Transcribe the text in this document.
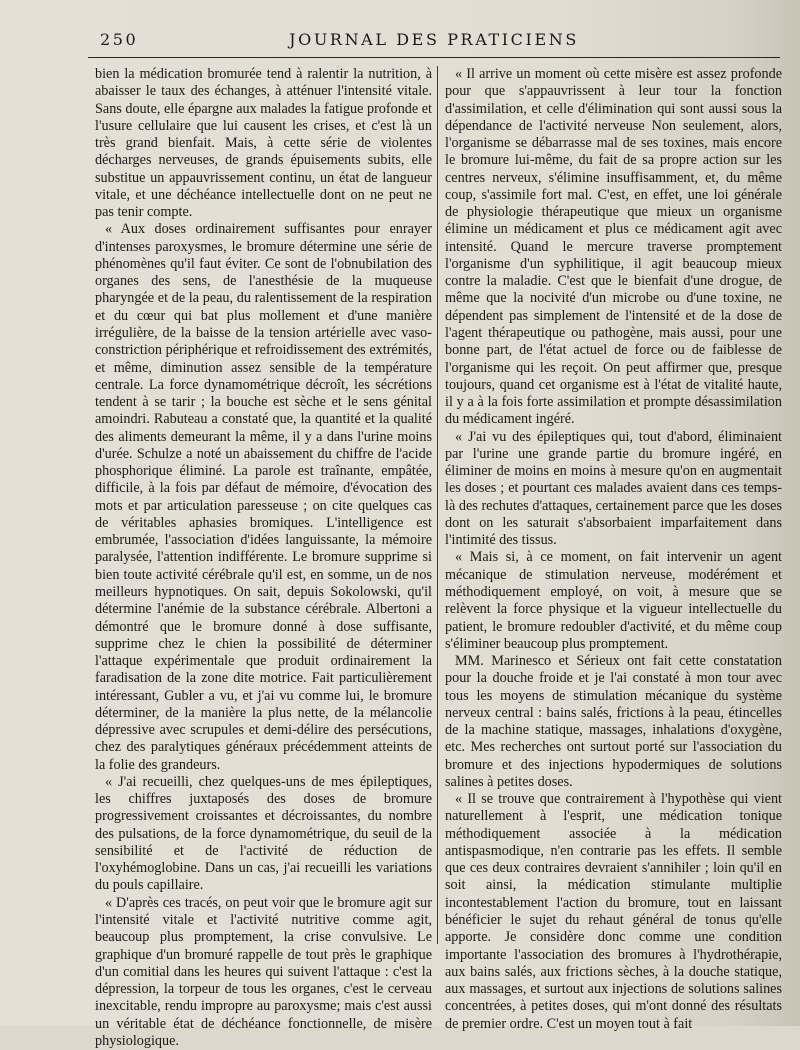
250	JOURNAL DES PRATICIENS

bien la médication bromurée tend à ralentir la nutrition, à abaisser le taux des échanges, à atténuer l'intensité vitale. Sans doute, elle épargne aux malades la fatigue profonde et l'usure cellulaire que lui causent les crises, et c'est là un très grand bienfait. Mais, à cette série de violentes décharges nerveuses, de grands épuisements subits, elle substitue un appauvrissement continu, un état de langueur vitale, et une déchéance intellectuelle dont on ne peut ne pas tenir compte.

« Aux doses ordinairement suffisantes pour enrayer d'intenses paroxysmes, le bromure détermine une série de phénomènes qu'il faut éviter. Ce sont de l'obnubilation des organes des sens, de l'anesthésie de la muqueuse pharyngée et de la peau, du ralentissement de la respiration et du cœur qui bat plus mollement et d'une manière irrégulière, de la baisse de la tension artérielle avec vaso-constriction périphérique et refroidissement des extrémités, et même, diminution assez sensible de la température centrale. La force dynamométrique décroît, les sécrétions tendent à se tarir ; la bouche est sèche et le sens génital amoindri. Rabuteau a constaté que, la quantité et la qualité des aliments demeurant la même, il y a dans l'urine moins d'urée. Schulze a noté un abaissement du chiffre de l'acide phosphorique éliminé. La parole est traînante, empâtée, difficile, à la fois par défaut de mémoire, d'évocation des mots et par articulation paresseuse ; on cite quelques cas de véritables aphasies bromiques. L'intelligence est embrumée, l'association d'idées languissante, la mémoire paralysée, l'attention indifférente. Le bromure supprime si bien toute activité cérébrale qu'il est, en somme, un de nos meilleurs hypnotiques. On sait, depuis Sokolowski, qu'il détermine l'anémie de la substance cérébrale. Albertoni a démontré que le bromure donné à dose suffisante, supprime chez le chien la possibilité de déterminer l'attaque expérimentale que produit ordinairement la faradisation de la zone dite motrice. Fait particulièrement intéressant, Gubler a vu, et j'ai vu comme lui, le bromure déterminer, de la manière la plus nette, de la mélancolie dépressive avec scrupules et demi-délire des persécutions, chez des paralytiques généraux précédemment atteints de la folie des grandeurs.

« J'ai recueilli, chez quelques-uns de mes épileptiques, les chiffres juxtaposés des doses de bromure progressivement croissantes et décroissantes, du nombre des pulsations, de la force dynamométrique, du seuil de la sensibilité et de l'activité de réduction de l'oxyhémoglobine. Dans un cas, j'ai recueilli les variations du pouls capillaire.

« D'après ces tracés, on peut voir que le bromure agit sur l'intensité vitale et l'activité nutritive comme agit, beaucoup plus promptement, la crise convulsive. Le graphique d'un bromuré rappelle de tout près le graphique d'un comitial dans les heures qui suivent l'attaque : c'est la dépression, la torpeur de tous les organes, c'est le cerveau inexcitable, rendu impropre au paroxysme; mais c'est aussi un véritable état de déchéance fonctionnelle, de misère physiologique.

« Il arrive un moment où cette misère est assez profonde pour que s'appauvrissent à leur tour la fonction d'assimilation, et celle d'élimination qui sont aussi sous la dépendance de l'activité nerveuse Non seulement, alors, l'organisme se débarrasse mal de ses toxines, mais encore le bromure lui-même, du fait de sa propre action sur les centres nerveux, s'élimine insuffisamment, et, du même coup, s'assimile fort mal. C'est, en effet, une loi générale de physiologie thérapeutique que mieux un organisme élimine un médicament et plus ce médicament agit avec intensité. Quand le mercure traverse promptement l'organisme d'un syphilitique, il agit beaucoup mieux contre la maladie. C'est que le bienfait d'une drogue, de même que la nocivité d'un microbe ou d'une toxine, ne dépendent pas simplement de l'intensité et de la dose de l'agent thérapeutique ou pathogène, mais aussi, pour une bonne part, de l'état actuel de force ou de faiblesse de l'organisme qui les reçoit. On peut affirmer que, presque toujours, quand cet organisme est à l'état de vitalité haute, il y a à la fois forte assimilation et prompte désassimilation du médicament ingéré.

« J'ai vu des épileptiques qui, tout d'abord, éliminaient par l'urine une grande partie du bromure ingéré, en éliminer de moins en moins à mesure qu'on en augmentait les doses ; et pourtant ces malades avaient dans ces temps-là des rechutes d'attaques, certainement parce que les doses dont on les saturait s'absorbaient imparfaitement dans l'intimité des tissus.

« Mais si, à ce moment, on fait intervenir un agent mécanique de stimulation nerveuse, modérément et méthodiquement employé, on voit, à mesure que se relèvent la force physique et la vigueur intellectuelle du patient, le bromure redoubler d'activité, et du même coup s'éliminer beaucoup plus promptement.

MM. Marinesco et Sérieux ont fait cette constatation pour la douche froide et je l'ai constaté à mon tour avec tous les moyens de stimulation mécanique du système nerveux central : bains salés, frictions à la peau, étincelles de la machine statique, massages, inhalations d'oxygène, etc. Mes recherches ont surtout porté sur l'association du bromure et des injections hypodermiques de solutions salines à petites doses.

« Il se trouve que contrairement à l'hypothèse qui vient naturellement à l'esprit, une médication tonique méthodiquement associée à la médication antispasmodique, n'en contrarie pas les effets. Il semble que ces deux contraires devraient s'annihiler ; loin qu'il en soit ainsi, la médication stimulante multiplie incontestablement l'action du bromure, tout en laissant bénéficier le sujet du rehaut général de tonus qu'elle apporte. Je considère donc comme une condition importante l'association des bromures à l'hydrothérapie, aux bains salés, aux frictions sèches, à la douche statique, aux massages, et surtout aux injections de solutions salines concentrées, à petites doses, qui m'ont donné des résultats de premier ordre. C'est un moyen tout à fait
